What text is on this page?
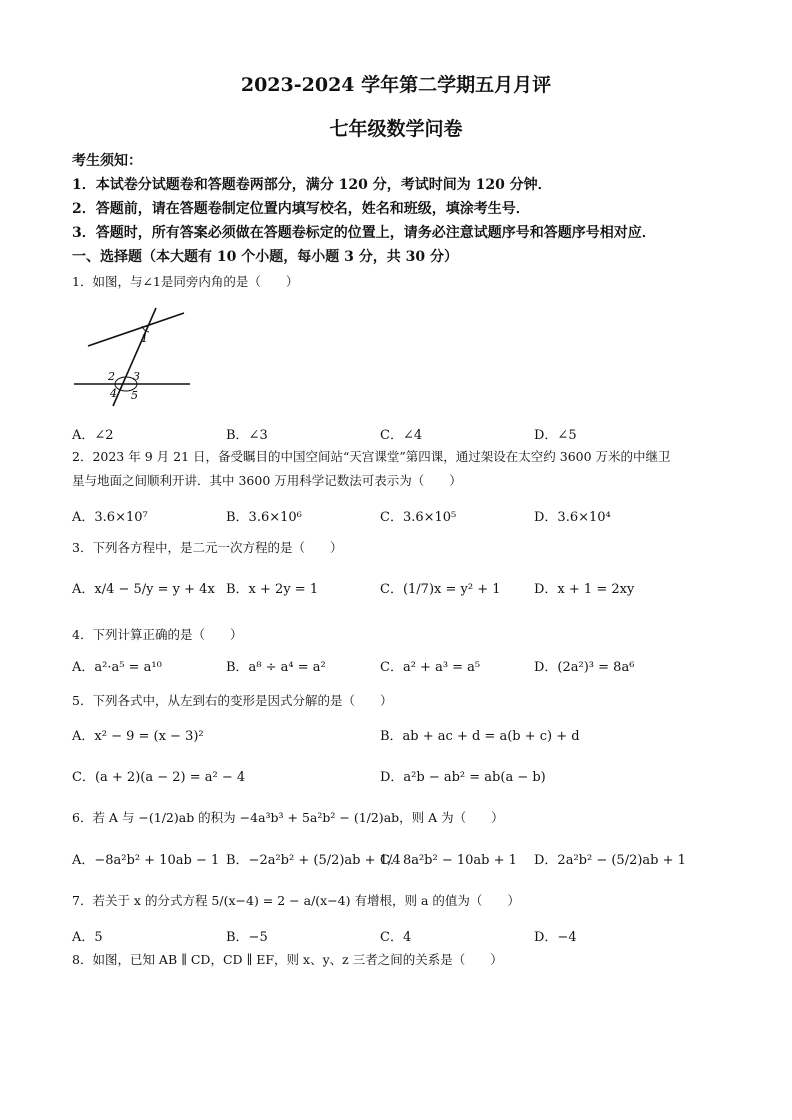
2023-2024 学年第二学期五月月评
七年级数学问卷
考生须知：
1．本试卷分试题卷和答题卷两部分，满分 120 分，考试时间为 120 分钟．
2．答题前，请在答题卷制定位置内填写校名，姓名和班级，填涂考生号．
3．答题时，所有答案必须做在答题卷标定的位置上，请务必注意试题序号和答题序号相对应．
一、选择题（本大题有 10 个小题，每小题 3 分，共 30 分）
1．如图，与∠1是同旁内角的是（　　）
1
2 3
4 5
A．∠2	B．∠3	C．∠4	D．∠5
2．2023 年 9 月 21 日，备受瞩目的中国空间站“天宫课堂”第四课，通过架设在太空约 3600 万米的中继卫
星与地面之间顺利开讲．其中 3600 万用科学记数法可表示为（　　）
A．3.6×10⁷	B．3.6×10⁶	C．3.6×10⁵	D．3.6×10⁴
3．下列各方程中，是二元一次方程的是（　　）
A．x/4 − 5/y = y + 4x B．x + 2y = 1	C．(1/7)x = y² + 1	D．x + 1 = 2xy
4．下列计算正确的是（　　）
A．a²·a⁵ = a¹⁰	B．a⁸ ÷ a⁴ = a²	C．a² + a³ = a⁵	D．(2a²)³ = 8a⁶
5．下列各式中，从左到右的变形是因式分解的是（　　）
A．x² − 9 = (x − 3)²	B．ab + ac + d = a(b + c) + d
C．(a + 2)(a − 2) = a² − 4	D．a²b − ab² = ab(a − b)
6．若 A 与 −(1/2)ab 的积为 −4a³b³ + 5a²b² − (1/2)ab，则 A 为（　　）
A．−8a²b² + 10ab − 1 B．−2a²b² + (5/2)ab + 1/4
C．8a²b² − 10ab + 1 D．2a²b² − (5/2)ab + 1
7．若关于 x 的分式方程 5/(x−4) = 2 − a/(x−4) 有增根，则 a 的值为（　　）
A．5	B．−5	C．4	D．−4
8．如图，已知 AB ∥ CD，CD ∥ EF，则 x、y、z 三者之间的关系是（　　）
